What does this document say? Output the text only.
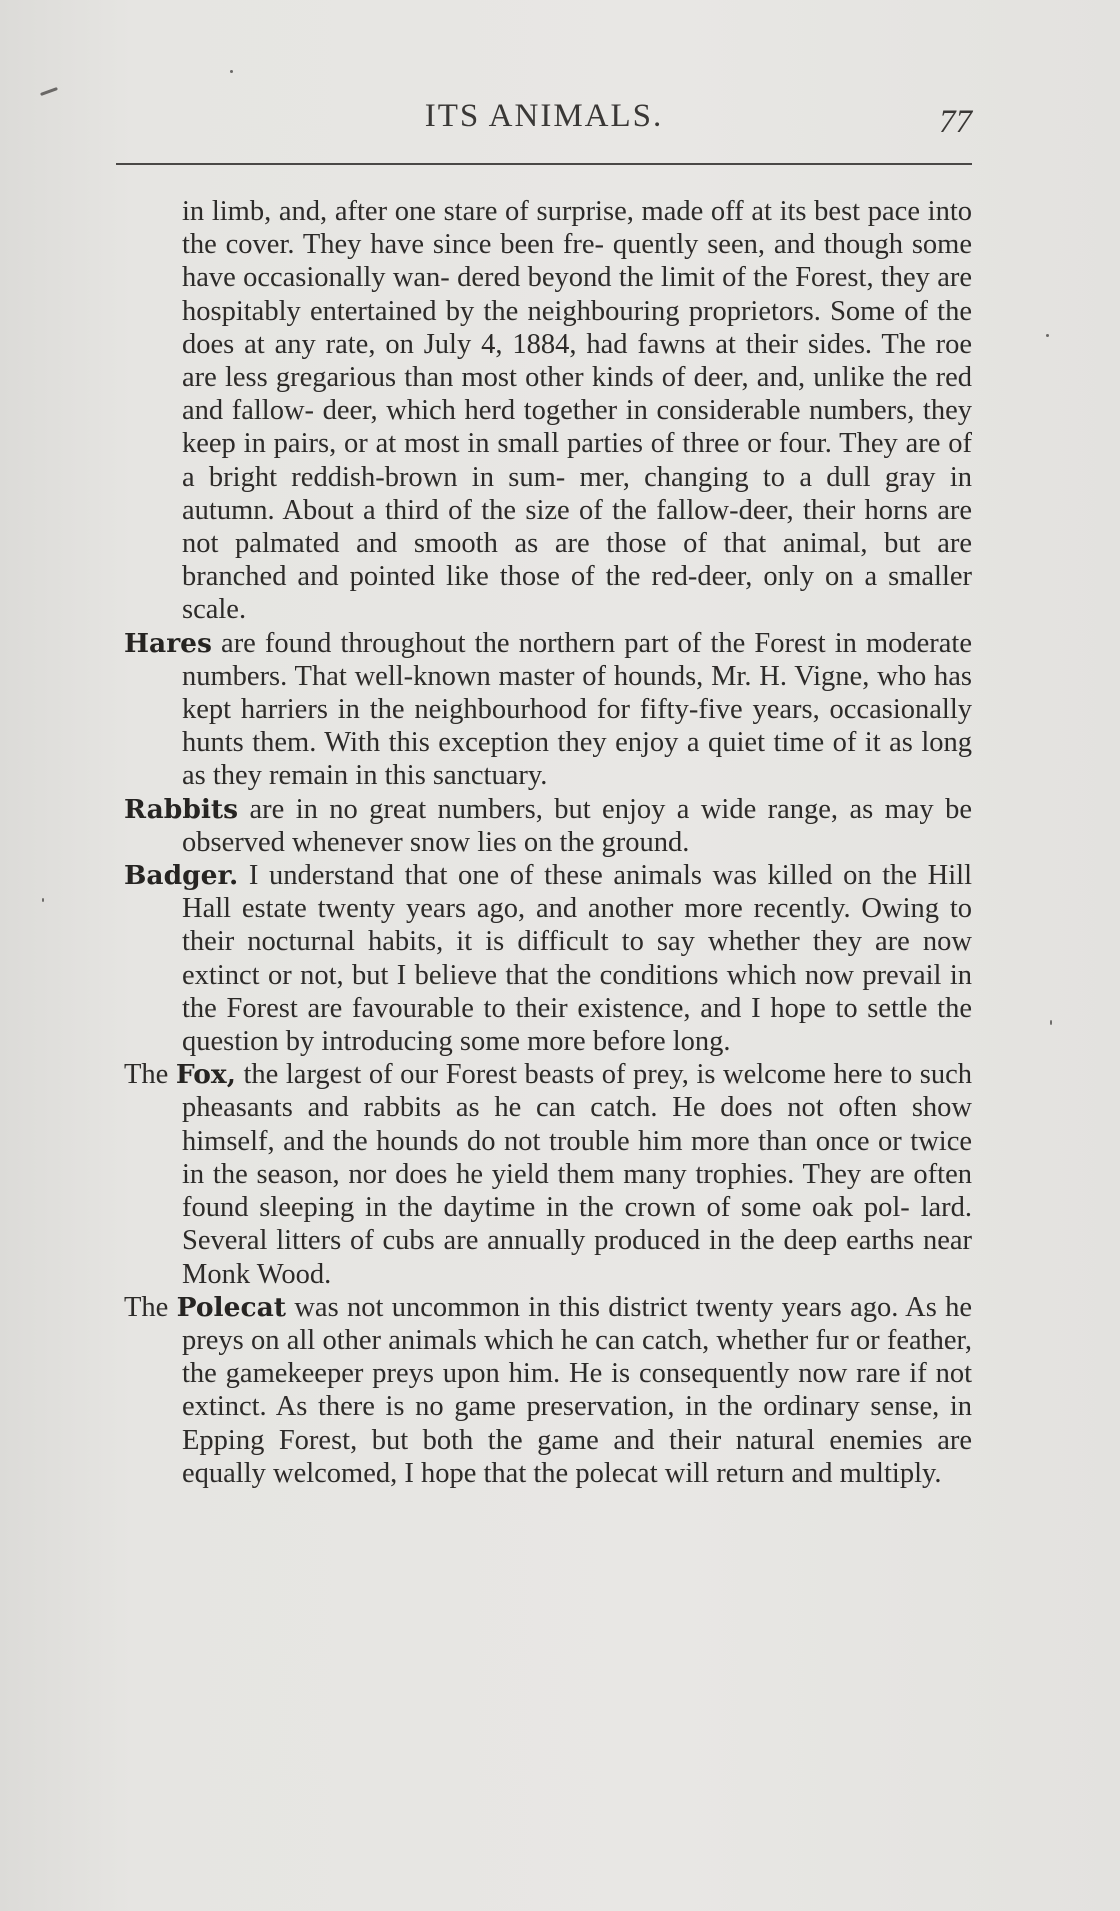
ITS ANIMALS.	77

in limb, and, after one stare of surprise, made off at its best pace into the cover. They have since been fre- quently seen, and though some have occasionally wan- dered beyond the limit of the Forest, they are hospitably entertained by the neighbouring proprietors. Some of the does at any rate, on July 4, 1884, had fawns at their sides. The roe are less gregarious than most other kinds of deer, and, unlike the red and fallow- deer, which herd together in considerable numbers, they keep in pairs, or at most in small parties of three or four. They are of a bright reddish-brown in sum- mer, changing to a dull gray in autumn. About a third of the size of the fallow-deer, their horns are not palmated and smooth as are those of that animal, but are branched and pointed like those of the red-deer, only on a smaller scale.

Hares are found throughout the northern part of the Forest in moderate numbers. That well-known master of hounds, Mr. H. Vigne, who has kept harriers in the neighbourhood for fifty-five years, occasionally hunts them. With this exception they enjoy a quiet time of it as long as they remain in this sanctuary.

Rabbits are in no great numbers, but enjoy a wide range, as may be observed whenever snow lies on the ground.

Badger. I understand that one of these animals was killed on the Hill Hall estate twenty years ago, and another more recently. Owing to their nocturnal habits, it is difficult to say whether they are now extinct or not, but I believe that the conditions which now prevail in the Forest are favourable to their existence, and I hope to settle the question by introducing some more before long.

The Fox, the largest of our Forest beasts of prey, is welcome here to such pheasants and rabbits as he can catch. He does not often show himself, and the hounds do not trouble him more than once or twice in the season, nor does he yield them many trophies. They are often found sleeping in the daytime in the crown of some oak pol- lard. Several litters of cubs are annually produced in the deep earths near Monk Wood.

The Polecat was not uncommon in this district twenty years ago. As he preys on all other animals which he can catch, whether fur or feather, the gamekeeper preys upon him. He is consequently now rare if not extinct. As there is no game preservation, in the ordinary sense, in Epping Forest, but both the game and their natural enemies are equally welcomed, I hope that the polecat will return and multiply.
